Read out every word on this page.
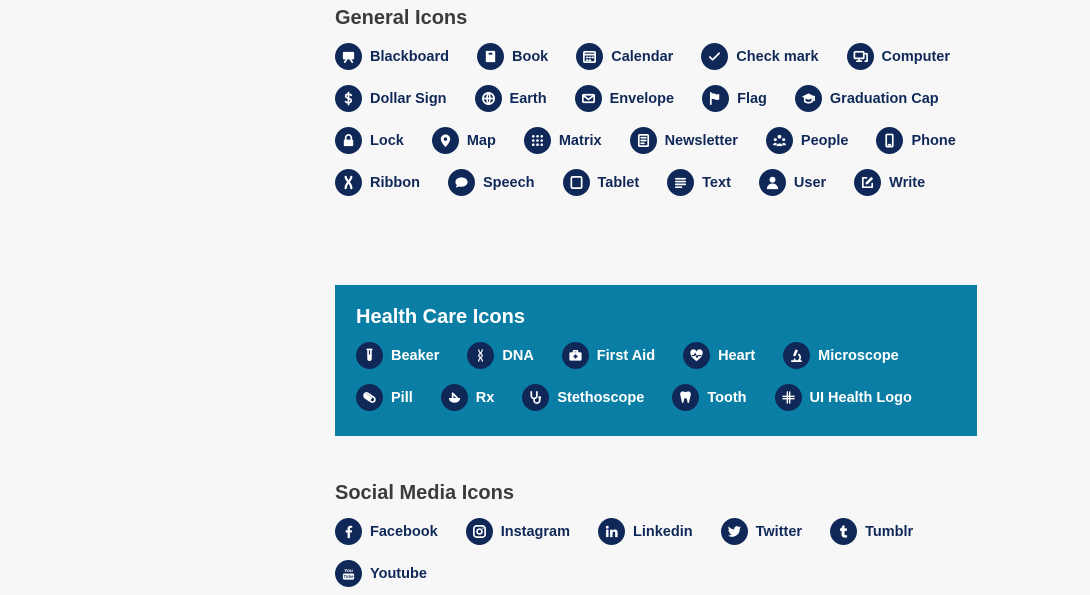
General Icons
Blackboard	Book	Calendar	Check mark	Computer
Dollar Sign	Earth	Envelope	Flag	Graduation Cap
Lock	Map	Matrix	Newsletter	People	Phone
Ribbon	Speech	Tablet	Text	User	Write
Health Care Icons
Beaker	DNA	First Aid	Heart	Microscope
Pill	Rx	Stethoscope	Tooth	UI Health Logo
Social Media Icons
Facebook	Instagram	Linkedin	Twitter	Tumblr
You
Tube Youtube
